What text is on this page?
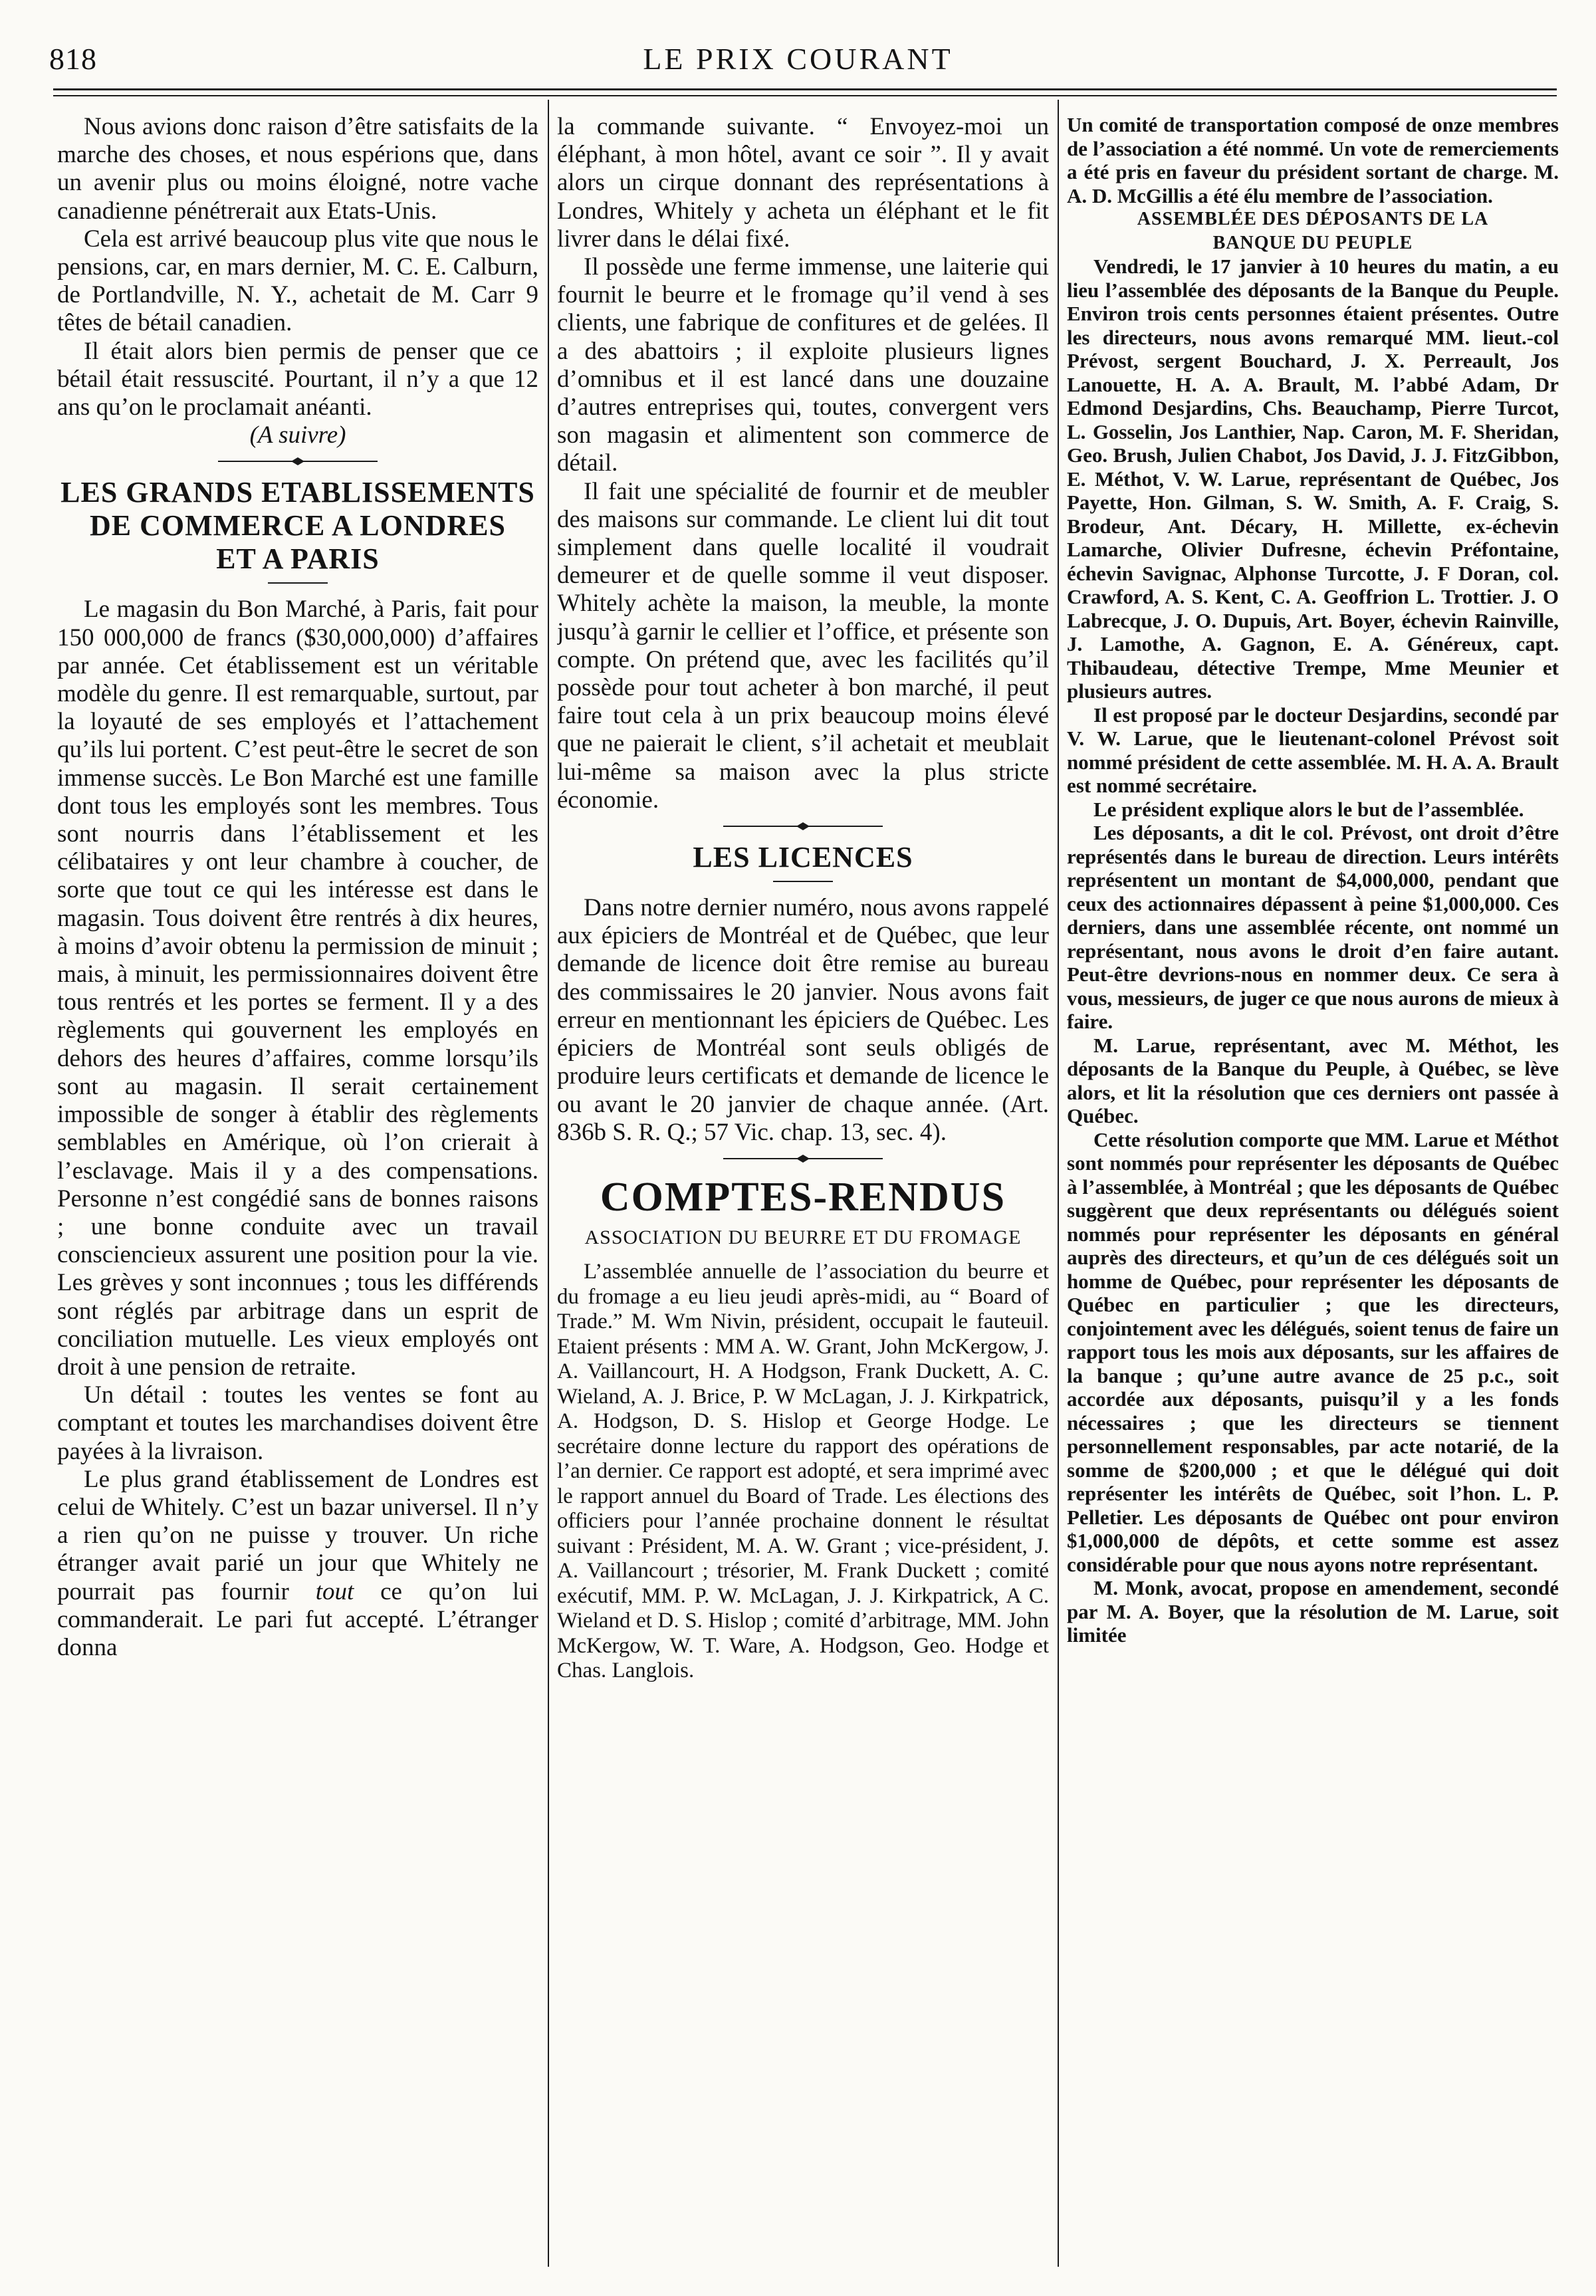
818	LE PRIX COURANT

Nous avions donc raison d’être satisfaits de la marche des choses, et nous espérions que, dans un avenir plus ou moins éloigné, notre vache canadienne pénétrerait aux Etats-Unis.

Cela est arrivé beaucoup plus vite que nous le pensions, car, en mars dernier, M. C. E. Calburn, de Portlandville, N. Y., achetait de M. Carr 9 têtes de bétail canadien.

Il était alors bien permis de penser que ce bétail était ressuscité. Pourtant, il n’y a que 12 ans qu’on le proclamait anéanti.

(A suivre)

LES GRANDS ETABLISSEMENTS
DE COMMERCE A LONDRES
ET A PARIS

Le magasin du Bon Marché, à Paris, fait pour 150 000,000 de francs ($30,000,000) d’affaires par année. Cet établissement est un véritable modèle du genre. Il est remarquable, surtout, par la loyauté de ses employés et l’attachement qu’ils lui portent. C’est peut-être le secret de son immense succès. Le Bon Marché est une famille dont tous les employés sont les membres. Tous sont nourris dans l’établissement et les célibataires y ont leur chambre à coucher, de sorte que tout ce qui les intéresse est dans le magasin. Tous doivent être rentrés à dix heures, à moins d’avoir obtenu la permission de minuit ; mais, à minuit, les permissionnaires doivent être tous rentrés et les portes se ferment. Il y a des règlements qui gouvernent les employés en dehors des heures d’affaires, comme lorsqu’ils sont au magasin. Il serait certainement impossible de songer à établir des règlements semblables en Amérique, où l’on crierait à l’esclavage. Mais il y a des compensations. Personne n’est congédié sans de bonnes raisons ; une bonne conduite avec un travail consciencieux assurent une position pour la vie. Les grèves y sont inconnues ; tous les différends sont réglés par arbitrage dans un esprit de conciliation mutuelle. Les vieux employés ont droit à une pension de retraite.

Un détail : toutes les ventes se font au comptant et toutes les marchandises doivent être payées à la livraison.

Le plus grand établissement de Londres est celui de Whitely. C’est un bazar universel. Il n’y a rien qu’on ne puisse y trouver. Un riche étranger avait parié un jour que Whitely ne pourrait pas fournir tout ce qu’on lui commanderait. Le pari fut accepté. L’étranger donna

la commande suivante. “ Envoyez-moi un éléphant, à mon hôtel, avant ce soir ”. Il y avait alors un cirque donnant des représentations à Londres, Whitely y acheta un éléphant et le fit livrer dans le délai fixé.

Il possède une ferme immense, une laiterie qui fournit le beurre et le fromage qu’il vend à ses clients, une fabrique de confitures et de gelées. Il a des abattoirs ; il exploite plusieurs lignes d’omnibus et il est lancé dans une douzaine d’autres entreprises qui, toutes, convergent vers son magasin et alimentent son commerce de détail.

Il fait une spécialité de fournir et de meubler des maisons sur commande. Le client lui dit tout simplement dans quelle localité il voudrait demeurer et de quelle somme il veut disposer. Whitely achète la maison, la meuble, la monte jusqu’à garnir le cellier et l’office, et présente son compte. On prétend que, avec les facilités qu’il possède pour tout acheter à bon marché, il peut faire tout cela à un prix beaucoup moins élevé que ne paierait le client, s’il achetait et meublait lui-même sa maison avec la plus stricte économie.

LES LICENCES

Dans notre dernier numéro, nous avons rappelé aux épiciers de Montréal et de Québec, que leur demande de licence doit être remise au bureau des commissaires le 20 janvier. Nous avons fait erreur en mentionnant les épiciers de Québec. Les épiciers de Montréal sont seuls obligés de produire leurs certificats et demande de licence le ou avant le 20 janvier de chaque année. (Art. 836b S. R. Q.; 57 Vic. chap. 13, sec. 4).

COMPTES-RENDUS
ASSOCIATION DU BEURRE ET DU FROMAGE

L’assemblée annuelle de l’association du beurre et du fromage a eu lieu jeudi après-midi, au “ Board of Trade.” M. Wm Nivin, président, occupait le fauteuil. Etaient présents : MM A. W. Grant, John McKergow, J. A. Vaillancourt, H. A Hodgson, Frank Duckett, A. C. Wieland, A. J. Brice, P. W McLagan, J. J. Kirkpatrick, A. Hodgson, D. S. Hislop et George Hodge. Le secrétaire donne lecture du rapport des opérations de l’an dernier. Ce rapport est adopté, et sera imprimé avec le rapport annuel du Board of Trade. Les élections des officiers pour l’année prochaine donnent le résultat suivant : Président, M. A. W. Grant ; vice-président, J. A. Vaillancourt ; trésorier, M. Frank Duckett ; comité exécutif, MM. P. W. McLagan, J. J. Kirkpatrick, A C. Wieland et D. S. Hislop ; comité d’arbitrage, MM. John McKergow, W. T. Ware, A. Hodgson, Geo. Hodge et Chas. Langlois.

Un comité de transportation composé de onze membres de l’association a été nommé. Un vote de remerciements a été pris en faveur du président sortant de charge. M. A. D. McGillis a été élu membre de l’association.

ASSEMBLÉE DES DÉPOSANTS DE LA
BANQUE DU PEUPLE

Vendredi, le 17 janvier à 10 heures du matin, a eu lieu l’assemblée des déposants de la Banque du Peuple. Environ trois cents personnes étaient présentes. Outre les directeurs, nous avons remarqué MM. lieut.-col Prévost, sergent Bouchard, J. X. Perreault, Jos Lanouette, H. A. A. Brault, M. l’abbé Adam, Dr Edmond Desjardins, Chs. Beauchamp, Pierre Turcot, L. Gosselin, Jos Lanthier, Nap. Caron, M. F. Sheridan, Geo. Brush, Julien Chabot, Jos David, J. J. FitzGibbon, E. Méthot, V. W. Larue, représentant de Québec, Jos Payette, Hon. Gilman, S. W. Smith, A. F. Craig, S. Brodeur, Ant. Décary, H. Millette, ex-échevin Lamarche, Olivier Dufresne, échevin Préfontaine, échevin Savignac, Alphonse Turcotte, J. F Doran, col. Crawford, A. S. Kent, C. A. Geoffrion L. Trottier. J. O Labrecque, J. O. Dupuis, Art. Boyer, échevin Rainville, J. Lamothe, A. Gagnon, E. A. Généreux, capt. Thibaudeau, détective Trempe, Mme Meunier et plusieurs autres.

Il est proposé par le docteur Desjardins, secondé par V. W. Larue, que le lieutenant-colonel Prévost soit nommé président de cette assemblée. M. H. A. A. Brault est nommé secrétaire.

Le président explique alors le but de l’assemblée.

Les déposants, a dit le col. Prévost, ont droit d’être représentés dans le bureau de direction. Leurs intérêts représentent un montant de $4,000,000, pendant que ceux des actionnaires dépassent à peine $1,000,000. Ces derniers, dans une assemblée récente, ont nommé un représentant, nous avons le droit d’en faire autant. Peut-être devrions-nous en nommer deux. Ce sera à vous, messieurs, de juger ce que nous aurons de mieux à faire.

M. Larue, représentant, avec M. Méthot, les déposants de la Banque du Peuple, à Québec, se lève alors, et lit la résolution que ces derniers ont passée à Québec.

Cette résolution comporte que MM. Larue et Méthot sont nommés pour représenter les déposants de Québec à l’assemblée, à Montréal ; que les déposants de Québec suggèrent que deux représentants ou délégués soient nommés pour représenter les déposants en général auprès des directeurs, et qu’un de ces délégués soit un homme de Québec, pour représenter les déposants de Québec en particulier ; que les directeurs, conjointement avec les délégués, soient tenus de faire un rapport tous les mois aux déposants, sur les affaires de la banque ; qu’une autre avance de 25 p.c., soit accordée aux déposants, puisqu’il y a les fonds nécessaires ; que les directeurs se tiennent personnellement responsables, par acte notarié, de la somme de $200,000 ; et que le délégué qui doit représenter les intérêts de Québec, soit l’hon. L. P. Pelletier. Les déposants de Québec ont pour environ $1,000,000 de dépôts, et cette somme est assez considérable pour que nous ayons notre représentant.

M. Monk, avocat, propose en amendement, secondé par M. A. Boyer, que la résolution de M. Larue, soit limitée
